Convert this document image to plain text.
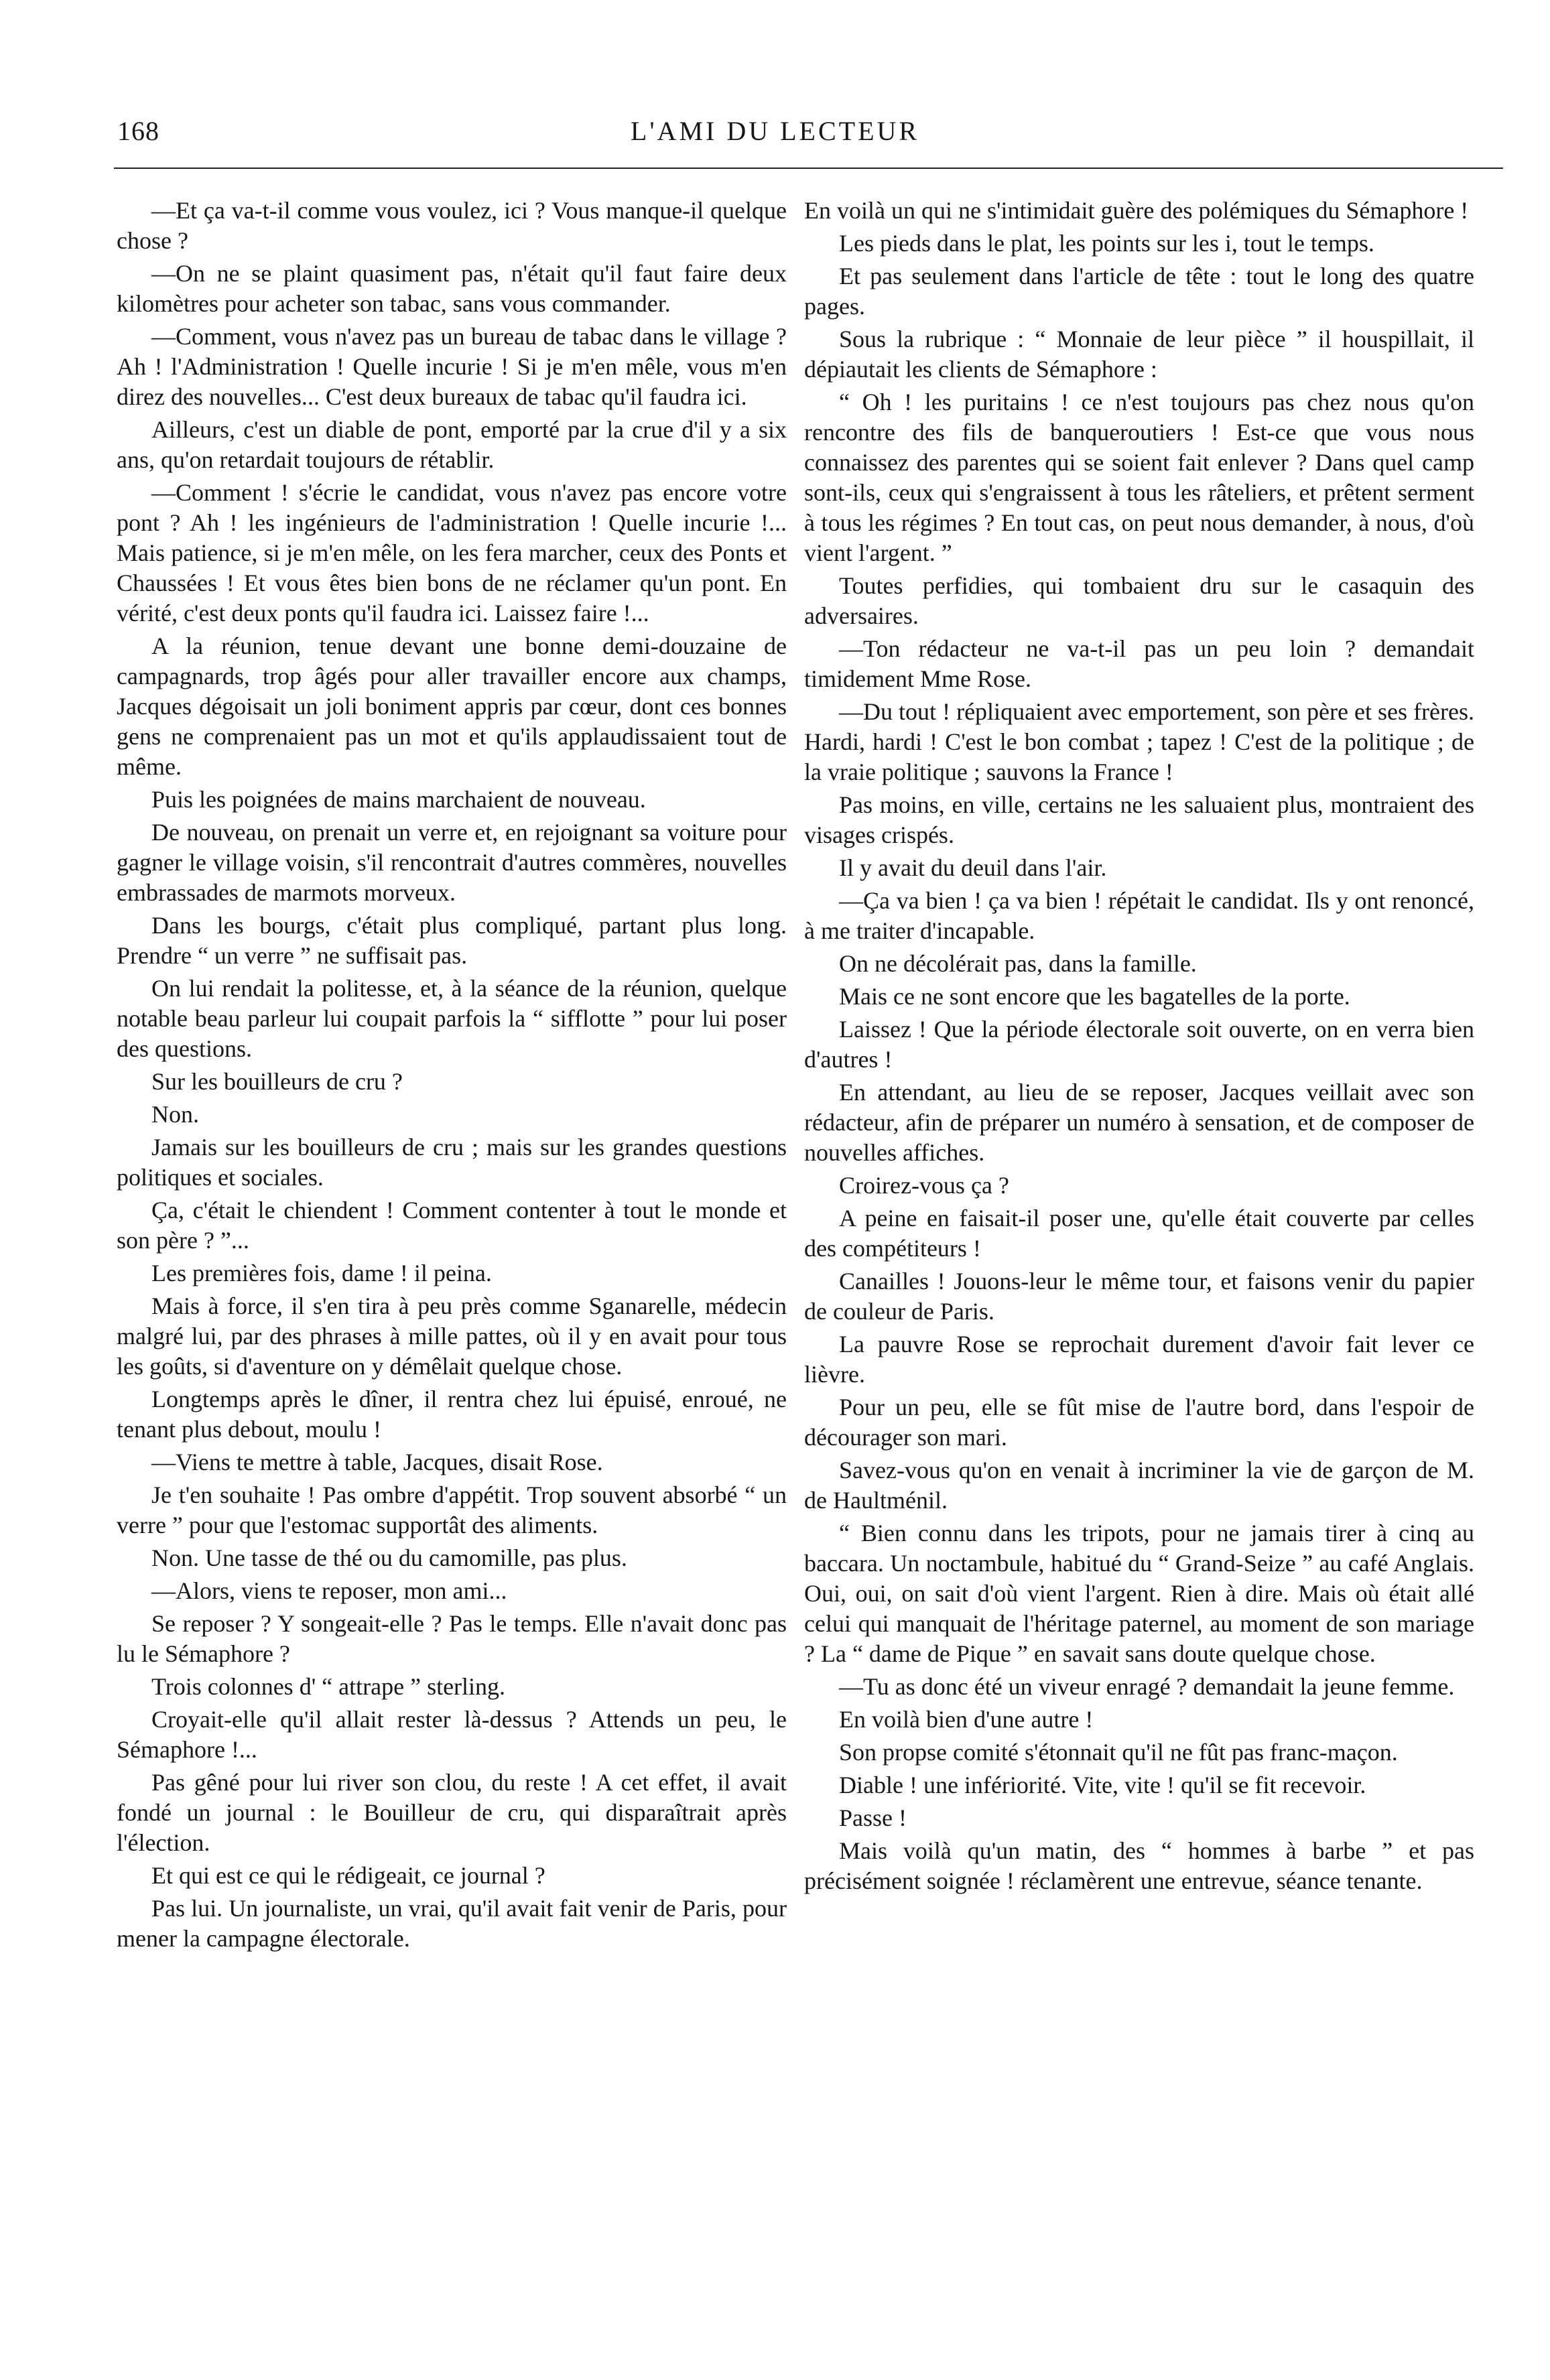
168	L'AMI DU LECTEUR

—Et ça va-t-il comme vous voulez, ici ? Vous manque-il quelque chose ?

—On ne se plaint quasiment pas, n'était qu'il faut faire deux kilomètres pour acheter son tabac, sans vous commander.

—Comment, vous n'avez pas un bureau de tabac dans le village ? Ah ! l'Administration ! Quelle incurie ! Si je m'en mêle, vous m'en direz des nouvelles... C'est deux bureaux de tabac qu'il faudra ici.

Ailleurs, c'est un diable de pont, emporté par la crue d'il y a six ans, qu'on retardait toujours de rétablir.

—Comment ! s'écrie le candidat, vous n'avez pas encore votre pont ? Ah ! les ingénieurs de l'administration ! Quelle incurie !... Mais patience, si je m'en mêle, on les fera marcher, ceux des Ponts et Chaussées ! Et vous êtes bien bons de ne réclamer qu'un pont. En vérité, c'est deux ponts qu'il faudra ici. Laissez faire !...

A la réunion, tenue devant une bonne demi-douzaine de campagnards, trop âgés pour aller travailler encore aux champs, Jacques dégoisait un joli boniment appris par cœur, dont ces bonnes gens ne comprenaient pas un mot et qu'ils applaudissaient tout de même.

Puis les poignées de mains marchaient de nouveau.

De nouveau, on prenait un verre et, en rejoignant sa voiture pour gagner le village voisin, s'il rencontrait d'autres commères, nouvelles embrassades de marmots morveux.

Dans les bourgs, c'était plus compliqué, partant plus long. Prendre “ un verre ” ne suffisait pas.

On lui rendait la politesse, et, à la séance de la réunion, quelque notable beau parleur lui coupait parfois la “ sifflotte ” pour lui poser des questions.

Sur les bouilleurs de cru ?

Non.

Jamais sur les bouilleurs de cru ; mais sur les grandes questions politiques et sociales.

Ça, c'était le chiendent ! Comment contenter à tout le monde et son père ? ”...

Les premières fois, dame ! il peina.

Mais à force, il s'en tira à peu près comme Sganarelle, médecin malgré lui, par des phrases à mille pattes, où il y en avait pour tous les goûts, si d'aventure on y démêlait quelque chose.

Longtemps après le dîner, il rentra chez lui épuisé, enroué, ne tenant plus debout, moulu !

—Viens te mettre à table, Jacques, disait Rose.

Je t'en souhaite ! Pas ombre d'appétit. Trop souvent absorbé “ un verre ” pour que l'estomac supportât des aliments.

Non. Une tasse de thé ou du camomille, pas plus.

—Alors, viens te reposer, mon ami...

Se reposer ? Y songeait-elle ? Pas le temps. Elle n'avait donc pas lu le Sémaphore ?

Trois colonnes d' “ attrape ” sterling.

Croyait-elle qu'il allait rester là-dessus ? Attends un peu, le Sémaphore !...

Pas gêné pour lui river son clou, du reste ! A cet effet, il avait fondé un journal : le Bouilleur de cru, qui disparaîtrait après l'élection.

Et qui est ce qui le rédigeait, ce journal ?

Pas lui. Un journaliste, un vrai, qu'il avait fait venir de Paris, pour mener la campagne électorale.

En voilà un qui ne s'intimidait guère des polémiques du Sémaphore !

Les pieds dans le plat, les points sur les i, tout le temps.

Et pas seulement dans l'article de tête : tout le long des quatre pages.

Sous la rubrique : “ Monnaie de leur pièce ” il houspillait, il dépiautait les clients de Sémaphore :

“ Oh ! les puritains ! ce n'est toujours pas chez nous qu'on rencontre des fils de banqueroutiers ! Est-ce que vous nous connaissez des parentes qui se soient fait enlever ? Dans quel camp sont-ils, ceux qui s'engraissent à tous les râteliers, et prêtent serment à tous les régimes ? En tout cas, on peut nous demander, à nous, d'où vient l'argent. ”

Toutes perfidies, qui tombaient dru sur le casaquin des adversaires.

—Ton rédacteur ne va-t-il pas un peu loin ? demandait timidement Mme Rose.

—Du tout ! répliquaient avec emportement, son père et ses frères. Hardi, hardi ! C'est le bon combat ; tapez ! C'est de la politique ; de la vraie politique ; sauvons la France !

Pas moins, en ville, certains ne les saluaient plus, montraient des visages crispés.

Il y avait du deuil dans l'air.

—Ça va bien ! ça va bien ! répétait le candidat. Ils y ont renoncé, à me traiter d'incapable.

On ne décolérait pas, dans la famille.

Mais ce ne sont encore que les bagatelles de la porte.

Laissez ! Que la période électorale soit ouverte, on en verra bien d'autres !

En attendant, au lieu de se reposer, Jacques veillait avec son rédacteur, afin de préparer un numéro à sensation, et de composer de nouvelles affiches.

Croirez-vous ça ?

A peine en faisait-il poser une, qu'elle était couverte par celles des compétiteurs !

Canailles ! Jouons-leur le même tour, et faisons venir du papier de couleur de Paris.

La pauvre Rose se reprochait durement d'avoir fait lever ce lièvre.

Pour un peu, elle se fût mise de l'autre bord, dans l'espoir de décourager son mari.

Savez-vous qu'on en venait à incriminer la vie de garçon de M. de Haultménil.

“ Bien connu dans les tripots, pour ne jamais tirer à cinq au baccara. Un noctambule, habitué du “ Grand-Seize ” au café Anglais. Oui, oui, on sait d'où vient l'argent. Rien à dire. Mais où était allé celui qui manquait de l'héritage paternel, au moment de son mariage ? La “ dame de Pique ” en savait sans doute quelque chose.

—Tu as donc été un viveur enragé ? demandait la jeune femme.

En voilà bien d'une autre !

Son propse comité s'étonnait qu'il ne fût pas franc-maçon.

Diable ! une infériorité. Vite, vite ! qu'il se fit recevoir.

Passe !

Mais voilà qu'un matin, des “ hommes à barbe ” et pas précisément soignée ! réclamèrent une entrevue, séance tenante.
